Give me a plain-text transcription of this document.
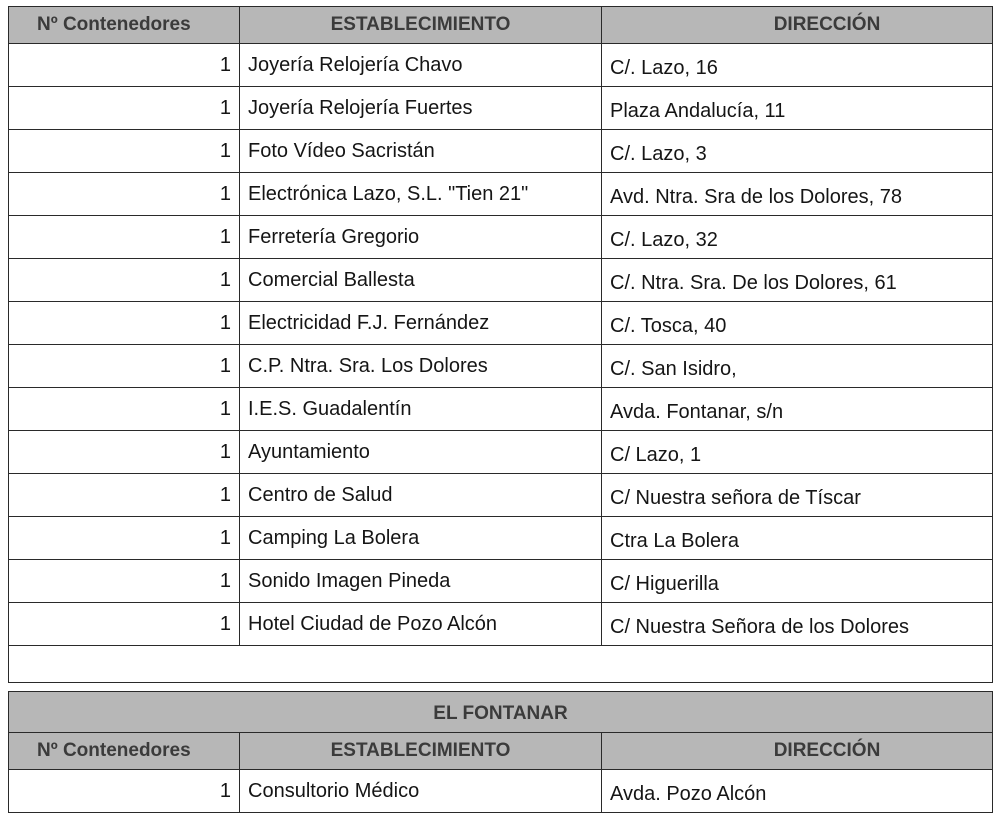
Nº Contenedores	ESTABLECIMIENTO	DIRECCIÓN
1	Joyería Relojería Chavo	C/. Lazo, 16
1	Joyería Relojería Fuertes	Plaza Andalucía, 11
1	Foto Vídeo Sacristán	C/. Lazo, 3
1	Electrónica Lazo, S.L. "Tien 21"	Avd. Ntra. Sra de los Dolores, 78
1	Ferretería Gregorio	C/. Lazo, 32
1	Comercial Ballesta	C/. Ntra. Sra. De los Dolores, 61
1	Electricidad F.J. Fernández	C/. Tosca, 40
1	C.P. Ntra. Sra. Los Dolores	C/. San Isidro,
1	I.E.S. Guadalentín	Avda. Fontanar, s/n
1	Ayuntamiento	C/ Lazo, 1
1	Centro de Salud	C/ Nuestra señora de Tíscar
1	Camping La Bolera	Ctra La Bolera
1	Sonido Imagen Pineda	C/ Higuerilla
1	Hotel Ciudad de Pozo Alcón	C/ Nuestra Señora de los Dolores

EL FONTANAR		
Nº Contenedores	ESTABLECIMIENTO	DIRECCIÓN
1	Consultorio Médico	Avda. Pozo Alcón
